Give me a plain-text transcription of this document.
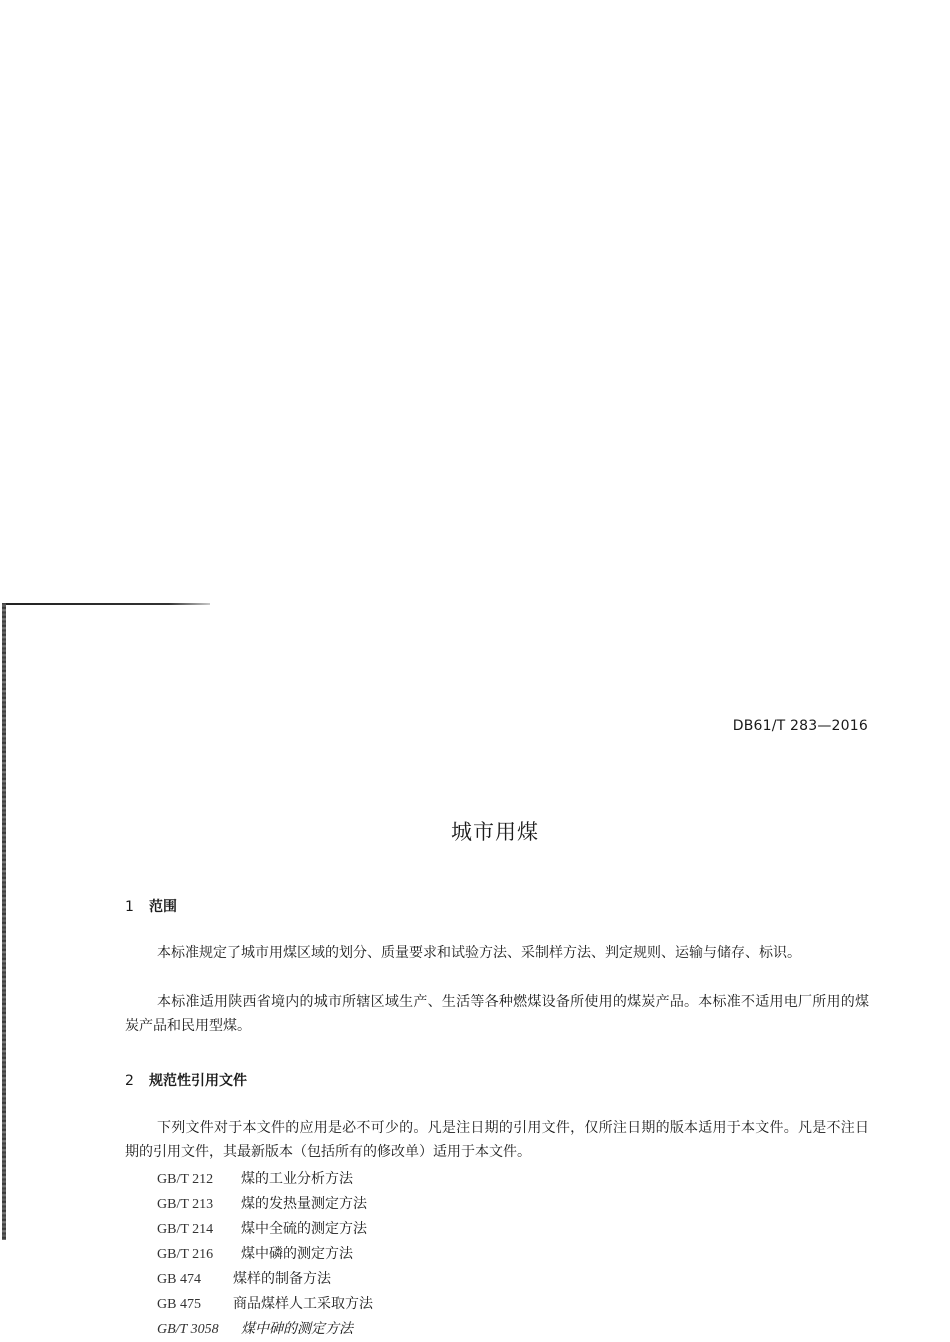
DB61/T 283—2016
城市用煤
1 范围

本标准规定了城市用煤区域的划分、质量要求和试验方法、采制样方法、判定规则、运输与储存、标识。

本标准适用陕西省境内的城市所辖区域生产、生活等各种燃煤设备所使用的煤炭产品。本标准不适用电厂所用的煤炭产品和民用型煤。

2 规范性引用文件

下列文件对于本文件的应用是必不可少的。凡是注日期的引用文件，仅所注日期的版本适用于本文件。凡是不注日期的引用文件，其最新版本（包括所有的修改单）适用于本文件。

GB/T 212 煤的工业分析方法
GB/T 213 煤的发热量测定方法
GB/T 214 煤中全硫的测定方法
GB/T 216 煤中磷的测定方法
GB 474 煤样的制备方法
GB 475 商品煤样人工采取方法
GB/T 3058 煤中砷的测定方法
